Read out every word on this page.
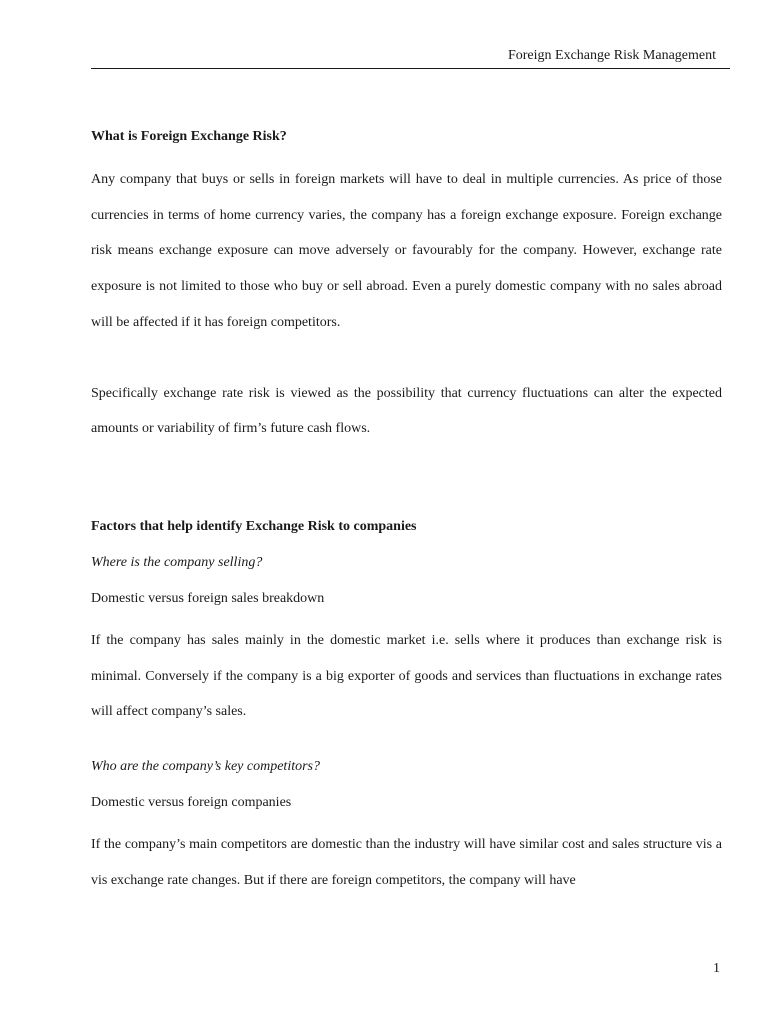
Foreign Exchange Risk Management
What is Foreign Exchange Risk?

Any company that buys or sells in foreign markets will have to deal in multiple currencies. As price of those currencies in terms of home currency varies, the company has a foreign exchange exposure. Foreign exchange risk means exchange exposure can move adversely or favourably for the company. However, exchange rate exposure is not limited to those who buy or sell abroad. Even a purely domestic company with no sales abroad will be affected if it has foreign competitors.

Specifically exchange rate risk is viewed as the possibility that currency fluctuations can alter the expected amounts or variability of firm’s future cash flows.

Factors that help identify Exchange Risk to companies
Where is the company selling?
Domestic versus foreign sales breakdown

If the company has sales mainly in the domestic market i.e. sells where it produces than exchange risk is minimal. Conversely if the company is a big exporter of goods and services than fluctuations in exchange rates will affect company’s sales.

Who are the company’s key competitors?
Domestic versus foreign companies

If the company’s main competitors are domestic than the industry will have similar cost and sales structure vis a vis exchange rate changes. But if there are foreign competitors, the company will have

1
